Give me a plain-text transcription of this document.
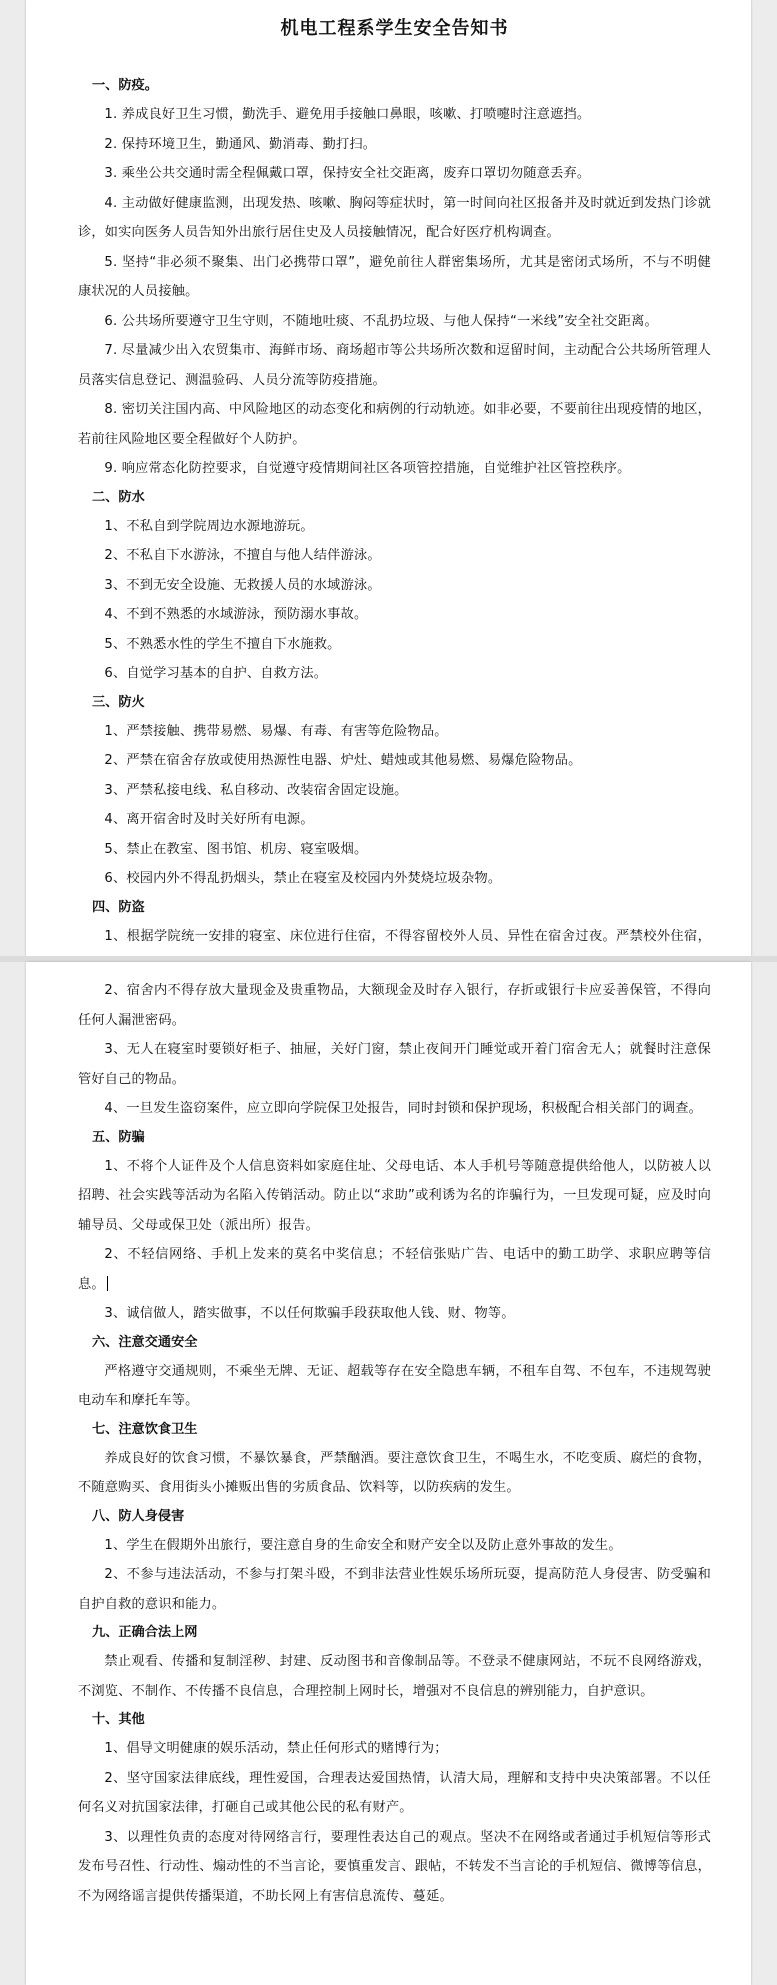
机电工程系学生安全告知书
一、防疫。

1. 养成良好卫生习惯，勤洗手、避免用手接触口鼻眼，咳嗽、打喷嚏时注意遮挡。

2. 保持环境卫生，勤通风、勤消毒、勤打扫。

3. 乘坐公共交通时需全程佩戴口罩，保持安全社交距离，废弃口罩切勿随意丢弃。

4. 主动做好健康监测，出现发热、咳嗽、胸闷等症状时，第一时间向社区报备并及时就近到发热门诊就诊，如实向医务人员告知外出旅行居住史及人员接触情况，配合好医疗机构调查。

5. 坚持“非必须不聚集、出门必携带口罩”，避免前往人群密集场所，尤其是密闭式场所，不与不明健康状况的人员接触。

6. 公共场所要遵守卫生守则，不随地吐痰、不乱扔垃圾、与他人保持“一米线”安全社交距离。

7. 尽量减少出入农贸集市、海鲜市场、商场超市等公共场所次数和逗留时间，主动配合公共场所管理人员落实信息登记、测温验码、人员分流等防疫措施。

8. 密切关注国内高、中风险地区的动态变化和病例的行动轨迹。如非必要，不要前往出现疫情的地区，若前往风险地区要全程做好个人防护。

9. 响应常态化防控要求，自觉遵守疫情期间社区各项管控措施，自觉维护社区管控秩序。

二、防水

1、不私自到学院周边水源地游玩。

2、不私自下水游泳，不擅自与他人结伴游泳。

3、不到无安全设施、无救援人员的水域游泳。

4、不到不熟悉的水域游泳，预防溺水事故。

5、不熟悉水性的学生不擅自下水施救。

6、自觉学习基本的自护、自救方法。

三、防火

1、严禁接触、携带易燃、易爆、有毒、有害等危险物品。

2、严禁在宿舍存放或使用热源性电器、炉灶、蜡烛或其他易燃、易爆危险物品。

3、严禁私接电线、私自移动、改装宿舍固定设施。

4、离开宿舍时及时关好所有电源。

5、禁止在教室、图书馆、机房、寝室吸烟。

6、校园内外不得乱扔烟头，禁止在寝室及校园内外焚烧垃圾杂物。

四、防盗

1、根据学院统一安排的寝室、床位进行住宿，不得容留校外人员、异性在宿舍过夜。严禁校外住宿，

2、宿舍内不得存放大量现金及贵重物品，大额现金及时存入银行，存折或银行卡应妥善保管，不得向任何人漏泄密码。

3、无人在寝室时要锁好柜子、抽屉，关好门窗，禁止夜间开门睡觉或开着门宿舍无人；就餐时注意保管好自己的物品。

4、一旦发生盗窃案件，应立即向学院保卫处报告，同时封锁和保护现场，积极配合相关部门的调查。

五、防骗

1、不将个人证件及个人信息资料如家庭住址、父母电话、本人手机号等随意提供给他人，以防被人以招聘、社会实践等活动为名陷入传销活动。防止以“求助”或利诱为名的诈骗行为，一旦发现可疑，应及时向辅导员、父母或保卫处（派出所）报告。

2、不轻信网络、手机上发来的莫名中奖信息；不轻信张贴广告、电话中的勤工助学、求职应聘等信息。

3、诚信做人，踏实做事，不以任何欺骗手段获取他人钱、财、物等。

六、注意交通安全

严格遵守交通规则，不乘坐无牌、无证、超载等存在安全隐患车辆，不租车自驾、不包车，不违规驾驶电动车和摩托车等。

七、注意饮食卫生

养成良好的饮食习惯，不暴饮暴食，严禁酗酒。要注意饮食卫生，不喝生水，不吃变质、腐烂的食物，不随意购买、食用街头小摊贩出售的劣质食品、饮料等，以防疾病的发生。

八、防人身侵害

1、学生在假期外出旅行，要注意自身的生命安全和财产安全以及防止意外事故的发生。

2、不参与违法活动，不参与打架斗殴，不到非法营业性娱乐场所玩耍，提高防范人身侵害、防受骗和自护自救的意识和能力。

九、正确合法上网

禁止观看、传播和复制淫秽、封建、反动图书和音像制品等。不登录不健康网站，不玩不良网络游戏，不浏览、不制作、不传播不良信息，合理控制上网时长，增强对不良信息的辨别能力，自护意识。

十、其他

1、倡导文明健康的娱乐活动，禁止任何形式的赌博行为；

2、坚守国家法律底线，理性爱国，合理表达爱国热情，认清大局，理解和支持中央决策部署。不以任何名义对抗国家法律，打砸自己或其他公民的私有财产。

3、以理性负责的态度对待网络言行，要理性表达自己的观点。坚决不在网络或者通过手机短信等形式发布号召性、行动性、煽动性的不当言论，要慎重发言、跟帖，不转发不当言论的手机短信、微博等信息，不为网络谣言提供传播渠道，不助长网上有害信息流传、蔓延。
